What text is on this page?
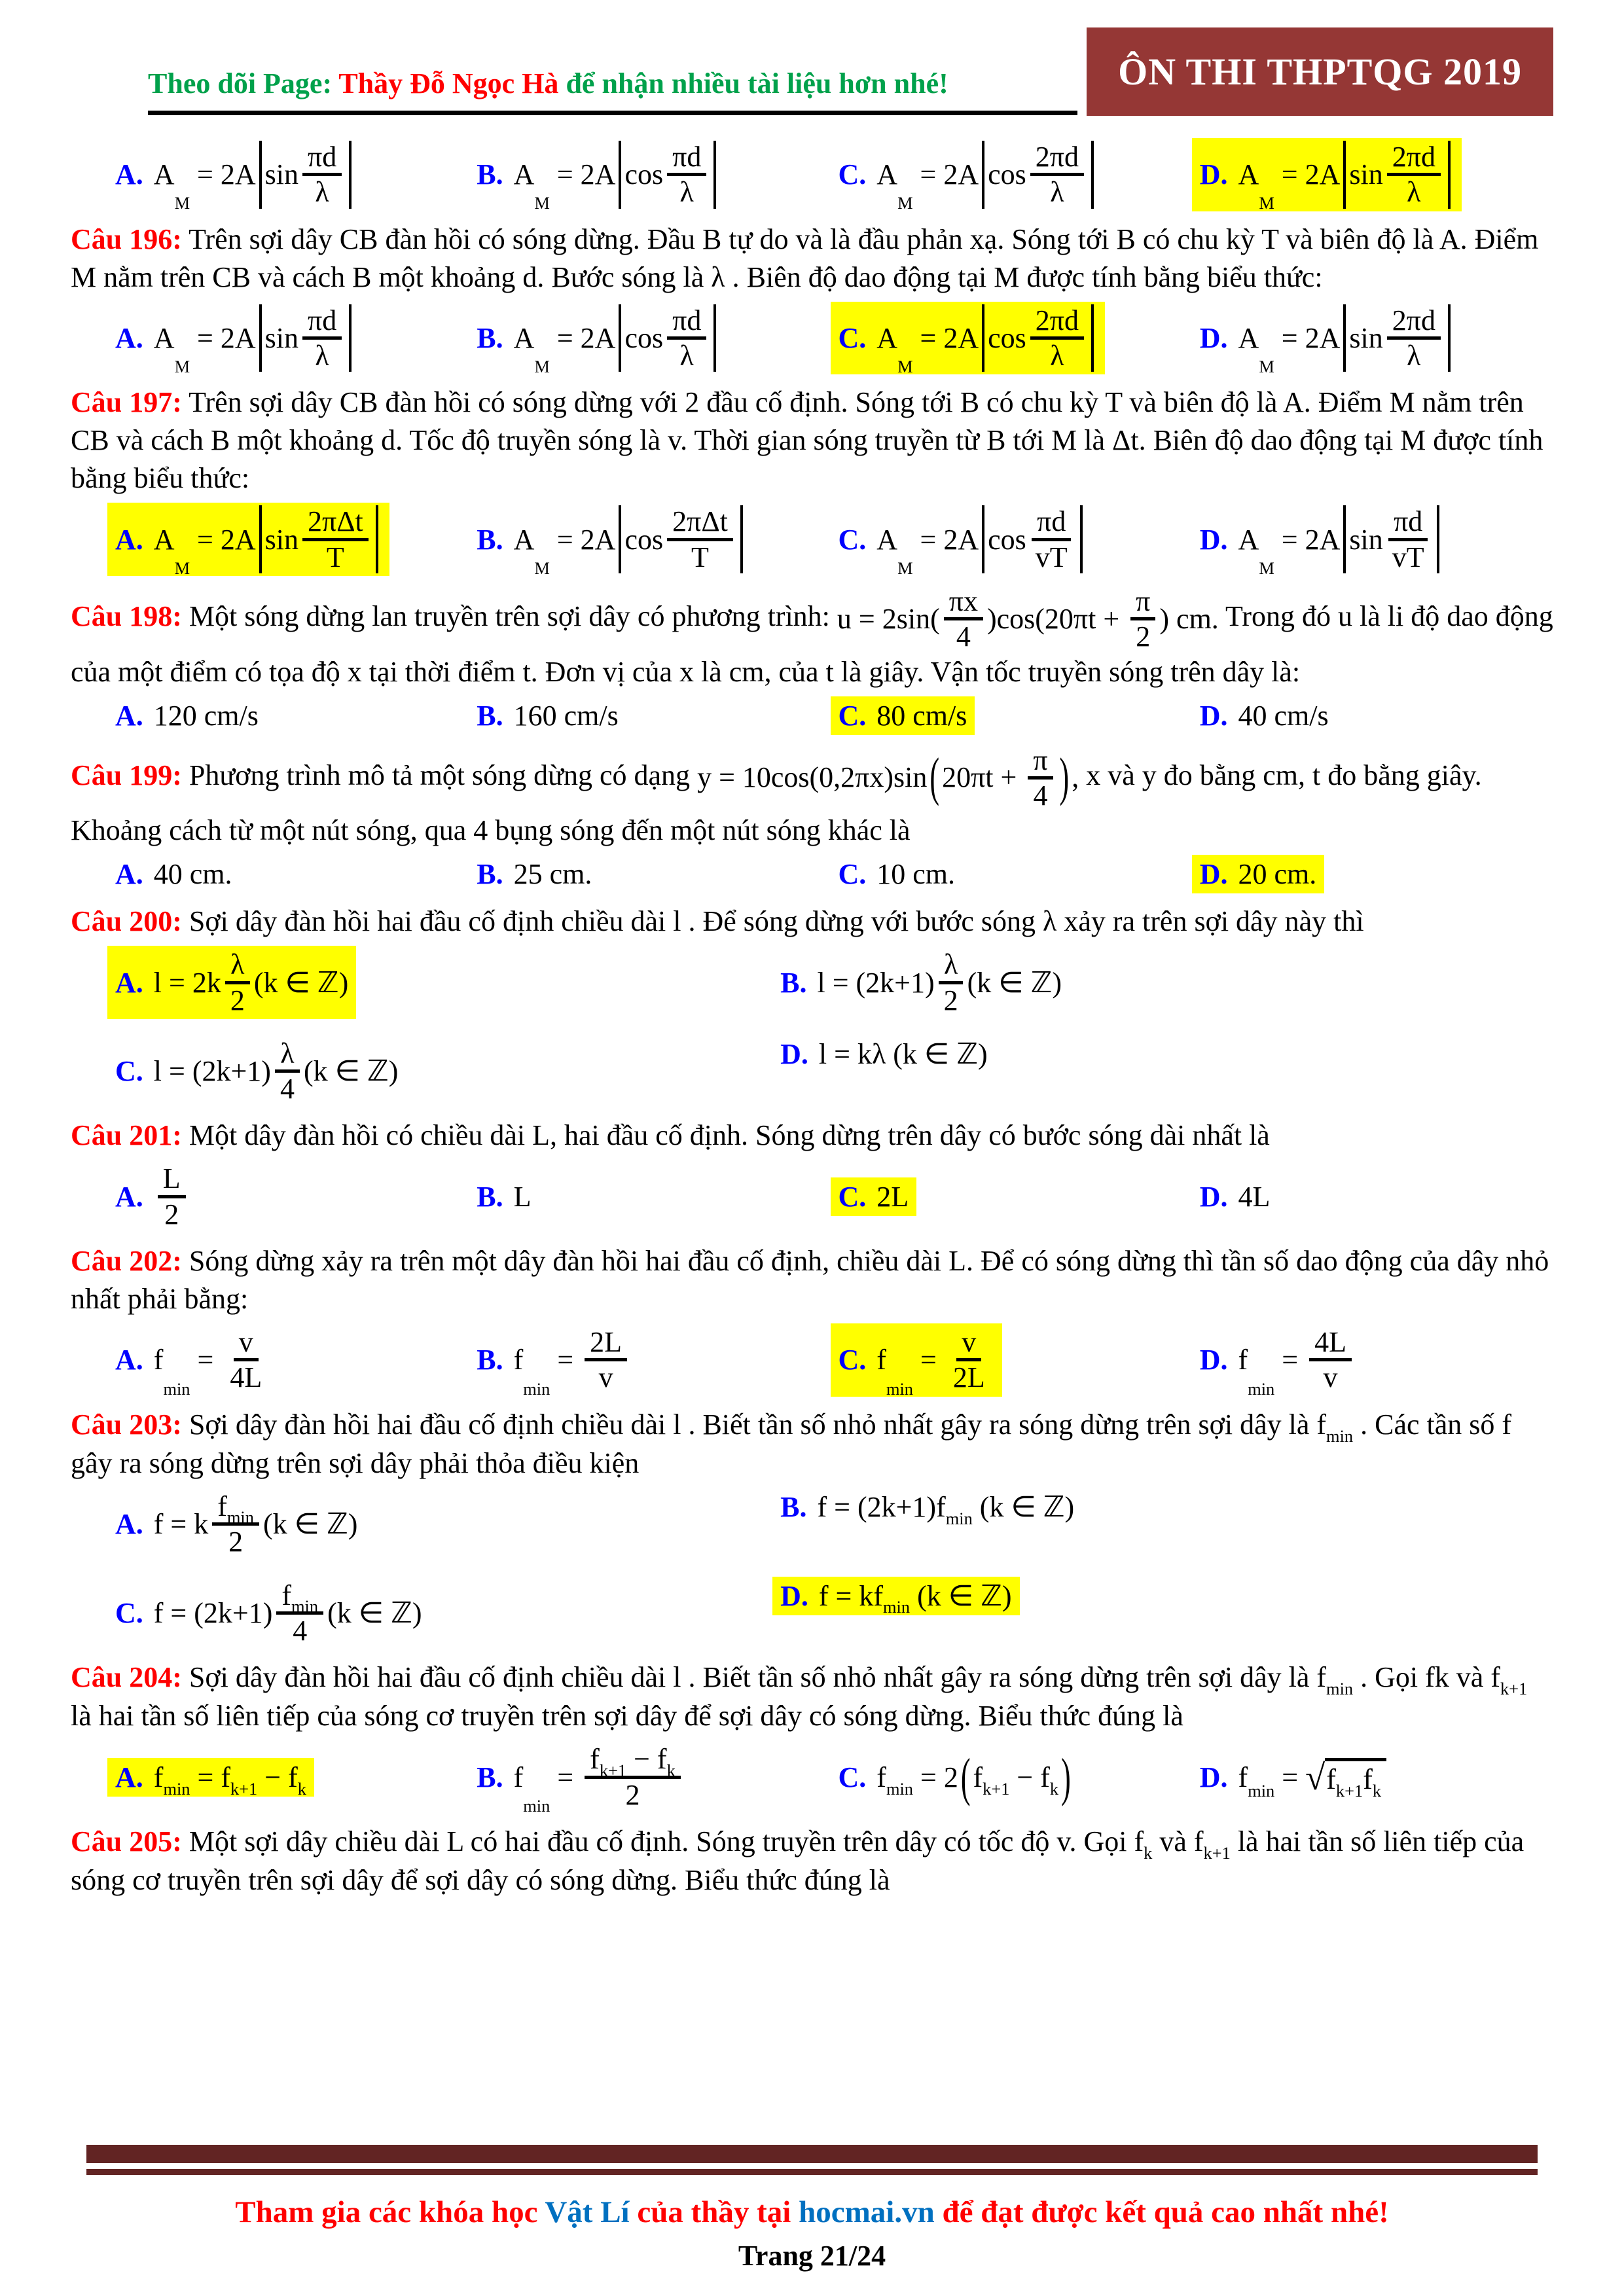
Theo dõi Page: Thầy Đỗ Ngọc Hà để nhận nhiều tài liệu hơn nhé!	ÔN THI THPTQG 2019
A. A
M
= 2A $\sin \frac{\pi d}{\lambda}$	B. A
M
= 2A $\cos \frac{\pi d}{\lambda}$	C. A
M
= 2A $\cos \frac{2\pi d}{\lambda}$	D. A
M
= 2A $\sin \frac{2\pi d}{\lambda}$

Câu 196: Trên sợi dây CB đàn hồi có sóng dừng. Đầu B tự do và là đầu phản xạ. Sóng tới B có chu kỳ T và biên độ là A. Điểm M nằm trên CB và cách B một khoảng d. Bước sóng là λ . Biên độ dao động tại M được tính bằng biểu thức:

A. A
M
= 2A $\sin \frac{\pi d}{\lambda}$	B. A
M
= 2A $\cos \frac{\pi d}{\lambda}$	C. A
M
= 2A $\cos \frac{2\pi d}{\lambda}$	D. A
M
= 2A $\sin \frac{2\pi d}{\lambda}$

Câu 197: Trên sợi dây CB đàn hồi có sóng dừng với 2 đầu cố định. Sóng tới B có chu kỳ T và biên độ là A. Điểm M nằm trên CB và cách B một khoảng d. Tốc độ truyền sóng là v. Thời gian sóng truyền từ B tới M là Δt. Biên độ dao động tại M được tính bằng biểu thức:

A. A
M
= 2A $\sin \frac{\text{2πΔt}}{T}$	B. A
M
= 2A $\cos \frac{\text{2πΔt}}{T}$	C. A
M
= 2A $\cos \frac{\pi d}{vT}$	D. A
M
= 2A $\sin \frac{\pi d}{vT}$

Câu 198: Một sóng dừng lan truyền trên sợi dây có phương trình: $u = 2\sin( \frac{\pi x}{4} )\cos(20\pi t + \frac{\pi}{2}$ ) cm. Trong đó u là li độ dao động của một điểm có tọa độ x tại thời điểm t. Đơn vị của x là cm, của t là giây. Vận tốc truyền sóng trên dây là:

A. 120 cm/s	B. 160 cm/s	C. 80 cm/s	D. 40 cm/s

Câu 199: Phương trình mô tả một sóng dừng có dạng y = 10cos(0,2πx)sin ( $20\pi t + \frac{\pi}{4}$ ) , x và y đo bằng cm, t đo bằng giây. Khoảng cách từ một nút sóng, qua 4 bụng sóng đến một nút sóng khác là

A. 40 cm.	B. 25 cm.	C. 10 cm.	D. 20 cm.

Câu 200: Sợi dây đàn hồi hai đầu cố định chiều dài l . Để sóng dừng với bước sóng λ xảy ra trên sợi dây này thì

A. $l = 2k \frac{\lambda}{2} (k$ ∈ ℤ)	B. $l = (2k+1) \frac{\lambda}{2} (k$ ∈ ℤ)
C. $l = (2k+1) \frac{\lambda}{4} (k$ ∈ ℤ)
D. l = kλ (k ∈ ℤ)

Câu 201: Một dây đàn hồi có chiều dài L, hai đầu cố định. Sóng dừng trên dây có bước sóng dài nhất là

A. $\frac{L}{2}$	B. L	C. 2L	D. 4L

Câu 202: Sóng dừng xảy ra trên một dây đàn hồi hai đầu cố định, chiều dài L. Để có sóng dừng thì tần số dao động của dây nhỏ nhất phải bằng:

A. f
min
= $\frac{v}{4L}$	B. f
min
= $\frac{2L}{v}$	C. f
min
= $\frac{v}{2L}$	D. f
min
= $\frac{4L}{v}$

Câu 203: Sợi dây đàn hồi hai đầu cố định chiều dài l . Biết tần số nhỏ nhất gây ra sóng dừng trên sợi dây là $f_{min}$ . Các tần số f gây ra sóng dừng trên sợi dây phải thỏa điều kiện

A. f = k $\frac{\text{f min}}{2} (k$ ∈ ℤ)
B. f = (2k+1)f min (k ∈ ℤ)
C. $f = (2k+1) \frac{\text{f min}}{4} (k$ ∈ ℤ)
D. f = kf min (k ∈ ℤ)

Câu 204: Sợi dây đàn hồi hai đầu cố định chiều dài l . Biết tần số nhỏ nhất gây ra sóng dừng trên sợi dây là $f_{min}$ . Gọi fk và $f_{k+1}$ là hai tần số liên tiếp của sóng cơ truyền trên sợi dây để sợi dây có sóng dừng. Biểu thức đúng là

A. f min = f k+1 − f k	B. f
min
= $\frac{\text{f k+1 − f k}}{2}$	C. f min = 2 ( f k+1 − f k )	D. f min = √ f k+1 f k

Câu 205: Một sợi dây chiều dài L có hai đầu cố định. Sóng truyền trên dây có tốc độ v. Gọi $f_k$ và $f_{k+1}$ là hai tần số liên tiếp của sóng cơ truyền trên sợi dây để sợi dây có sóng dừng. Biểu thức đúng là

Tham gia các khóa học Vật Lí của thầy tại hocmai.vn để đạt được kết quả cao nhất nhé!

Trang 21/24
